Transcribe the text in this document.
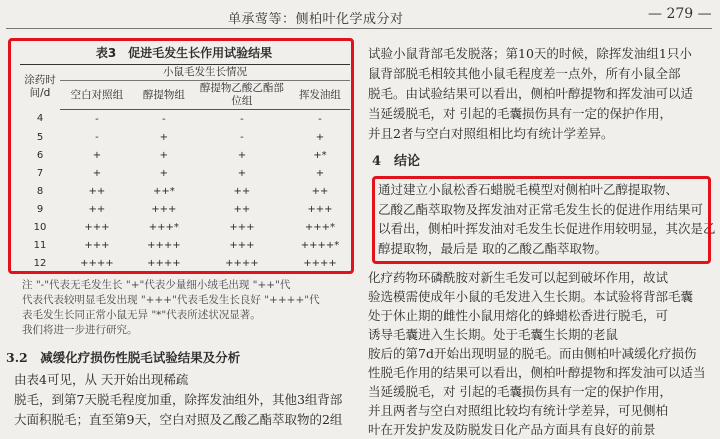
单承莺等：侧柏叶化学成分对	— 279 —
表3　促进毛发生长作用试验结果
涂药时间/d	小鼠毛发生长情况			
	空白对照组	醇提物组	醇提物乙酸乙酯部位组	挥发油组
4	-	-	-	-
5	-	+	-	+
6	+	+	+	+*
7	+	+	+	+
8	++	++*	++	++
9	++	+++	++	+++
10	+++	+++*	+++	+++*
11	+++	++++	+++	++++*
12	++++	++++	++++	++++

注 "-"代表无毛发生长 "+"代表少量细小绒毛出现 "++"代

代表代表较明显毛发出现 "+++"代表毛发生长良好 "++++"代

表毛发生长同正常小鼠无异 "*"代表所述状况显著。

我们将进一步进行研究。

3.2　减缓化疗损伤性脱毛试验结果及分析

由表4可见，从 天开始出现稀疏

脱毛，到第7天脱毛程度加重，除挥发油组外，其他3组背部

大面积脱毛；直至第9天，空白对照及乙酸乙酯萃取物的2组

试验小鼠背部毛发脱落；第10天的时候，除挥发油组1只小

鼠背部脱毛相较其他小鼠毛程度差一点外，所有小鼠全部

脱毛。由试验结果可以看出，侧柏叶醇提物和挥发油可以适

当延缓脱毛，对 引起的毛囊损伤具有一定的保护作用，

并且2者与空白对照组相比均有统计学差异。

4　结论

通过建立小鼠松香石蜡脱毛模型对侧柏叶乙醇提取物、

乙酸乙酯萃取物及挥发油对正常毛发生长的促进作用结果可

以看出，侧柏叶挥发油对毛发生长促进作用较明显，其次是乙

醇提取物，最后是 取的乙酸乙酯萃取物。

化疗药物环磷酰胺对新生毛发可以起到破坏作用，故试

验选模需使成年小鼠的毛发进入生长期。本试验将背部毛囊

处于休止期的雌性小鼠用熔化的蜂蜡松香进行脱毛，可

诱导毛囊进入生长期。处于毛囊生长期的老鼠

胺后的第7d开始出现明显的脱毛。而由侧柏叶减缓化疗损伤

性脱毛作用的结果可以看出，侧柏叶醇提物和挥发油可以适当

当延缓脱毛，对 引起的毛囊损伤具有一定的保护作用，

并且两者与空白对照组比较均有统计学差异，可见侧柏

叶在开发护发及防脱发日化产品方面具有良好的前景
